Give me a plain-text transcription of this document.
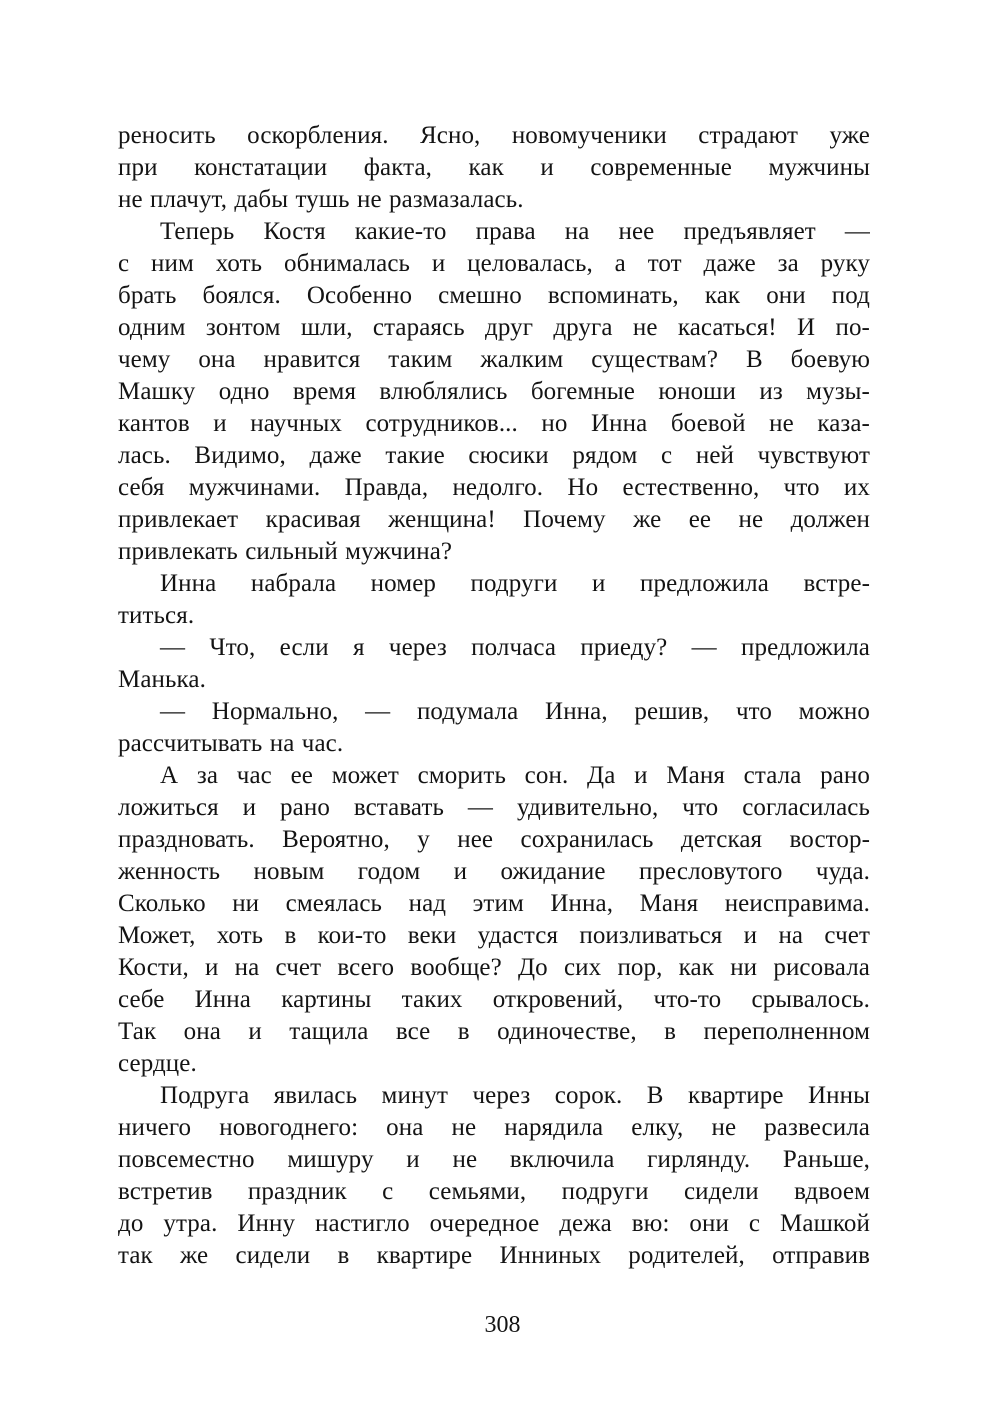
реносить оскорбления. Ясно, новомученики страдают уже
при констатации факта, как и современные мужчины
не плачут, дабы тушь не размазалась.
Теперь Костя какие-то права на нее предъявляет —
с ним хоть обнималась и целовалась, а тот даже за руку
брать боялся. Особенно смешно вспоминать, как они под
одним зонтом шли, стараясь друг друга не касаться! И по-
чему она нравится таким жалким существам? В боевую
Машку одно время влюблялись богемные юноши из музы-
кантов и научных сотрудников... но Инна боевой не каза-
лась. Видимо, даже такие сюсики рядом с ней чувствуют
себя мужчинами. Правда, недолго. Но естественно, что их
привлекает красивая женщина! Почему же ее не должен
привлекать сильный мужчина?
Инна набрала номер подруги и предложила встре-
титься.
— Что, если я через полчаса приеду? — предложила
Манька.
— Нормально, — подумала Инна, решив, что можно
рассчитывать на час.
А за час ее может сморить сон. Да и Маня стала рано
ложиться и рано вставать — удивительно, что согласилась
праздновать. Вероятно, у нее сохранилась детская востор-
женность новым годом и ожидание пресловутого чуда.
Сколько ни смеялась над этим Инна, Маня неисправима.
Может, хоть в кои-то веки удастся поизливаться и на счет
Кости, и на счет всего вообще? До сих пор, как ни рисовала
себе Инна картины таких откровений, что-то срывалось.
Так она и тащила все в одиночестве, в переполненном
сердце.
Подруга явилась минут через сорок. В квартире Инны
ничего новогоднего: она не нарядила елку, не развесила
повсеместно мишуру и не включила гирлянду. Раньше,
встретив праздник с семьями, подруги сидели вдвоем
до утра. Инну настигло очередное дежа вю: они с Машкой
так же сидели в квартире Инниных родителей, отправив
308
